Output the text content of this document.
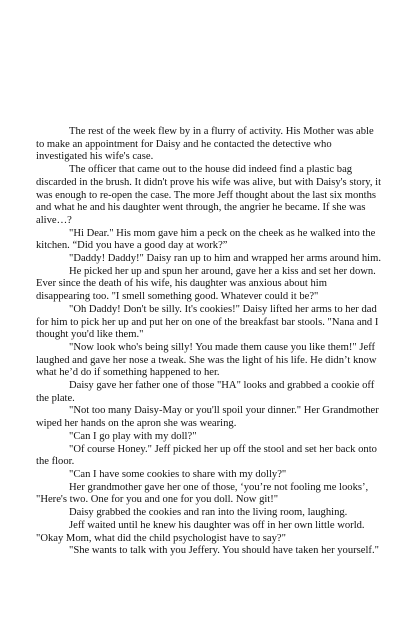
The rest of the week flew by in a flurry of activity. His Mother was able to make an appointment for Daisy and he contacted the detective who investigated his wife's case.

The officer that came out to the house did indeed find a plastic bag discarded in the brush. It didn't prove his wife was alive, but with Daisy's story, it was enough to re-open the case. The more Jeff thought about the last six months and what he and his daughter went through, the angrier he became. If she was alive…?

"Hi Dear." His mom gave him a peck on the cheek as he walked into the kitchen. “Did you have a good day at work?”

"Daddy! Daddy!" Daisy ran up to him and wrapped her arms around him.

He picked her up and spun her around, gave her a kiss and set her down. Ever since the death of his wife, his daughter was anxious about him disappearing too. "I smell something good. Whatever could it be?"

"Oh Daddy! Don't be silly. It's cookies!" Daisy lifted her arms to her dad for him to pick her up and put her on one of the breakfast bar stools. "Nana and I thought you'd like them."

"Now look who's being silly! You made them cause you like them!" Jeff laughed and gave her nose a tweak. She was the light of his life. He didn’t know what he’d do if something happened to her.

Daisy gave her father one of those "HA" looks and grabbed a cookie off the plate.

"Not too many Daisy-May or you'll spoil your dinner." Her Grandmother wiped her hands on the apron she was wearing.

"Can I go play with my doll?"

"Of course Honey." Jeff picked her up off the stool and set her back onto the floor.

"Can I have some cookies to share with my dolly?"

Her grandmother gave her one of those, ‘you’re not fooling me looks’, "Here's two. One for you and one for you doll. Now git!"

Daisy grabbed the cookies and ran into the living room, laughing.

Jeff waited until he knew his daughter was off in her own little world. "Okay Mom, what did the child psychologist have to say?"

"She wants to talk with you Jeffery. You should have taken her yourself."
